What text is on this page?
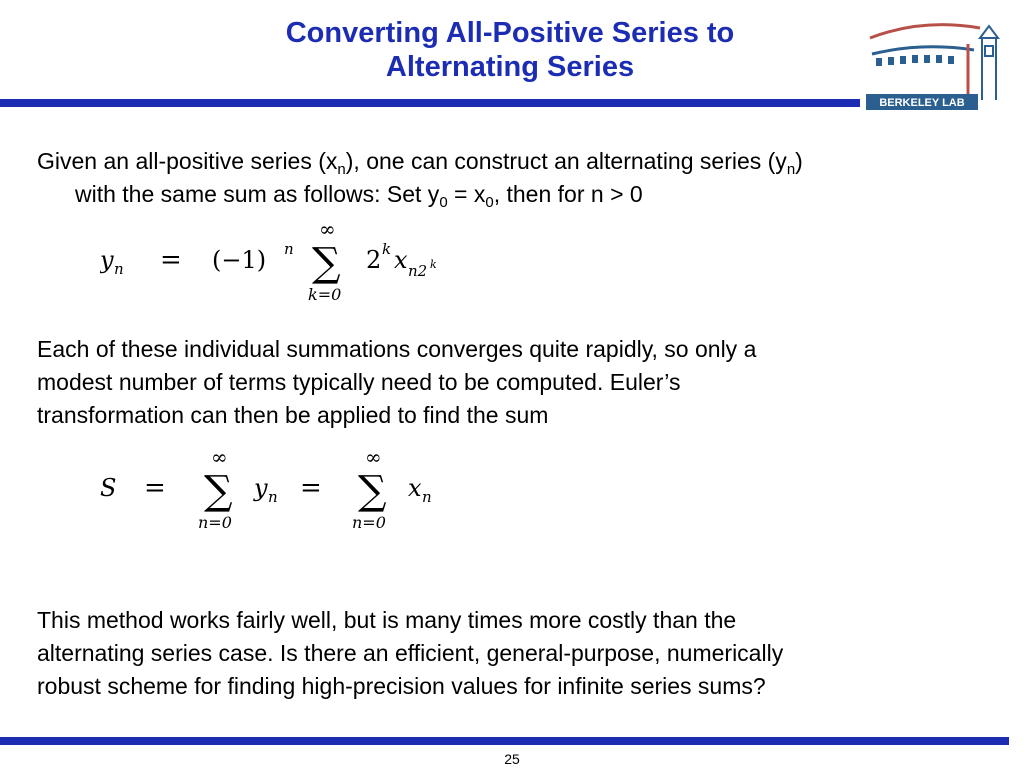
Converting All-Positive Series to
Alternating Series
BERKELEY LAB
Given an all-positive series $(x_n)$, one can construct an alternating series $(y_n)$
with the same sum as follows: Set $y_0 = x_0$, then for n > 0
y n = (−1) n
∞
∑
k=0
2 k x n2 k
Each of these individual summations converges quite rapidly, so only a
modest number of terms typically need to be computed. Euler’s
transformation can then be applied to find the sum
S =
∞
∑
n=0
y n =
∞
∑
n=0
x n
This method works fairly well, but is many times more costly than the
alternating series case. Is there an efficient, general-purpose, numerically
robust scheme for finding high-precision values for infinite series sums?
25
